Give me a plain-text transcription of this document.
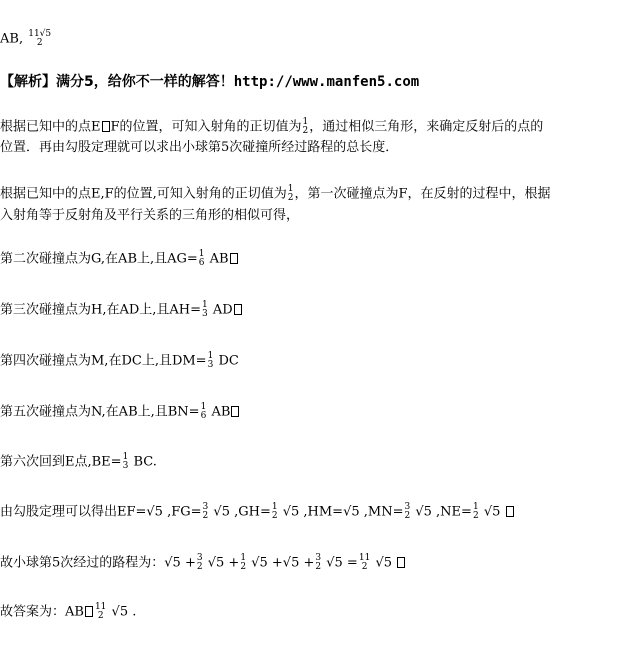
AB, 11√5
2
【解析】满分5，给你不一样的解答！http://www.manfen5.com
根据已知中的点E F的位置，可知入射角的正切值为 1
2 ，通过相似三角形，来确定反射后的点的
位置．再由勾股定理就可以求出小球第5次碰撞所经过路程的总长度．
根据已知中的点E,F的位置,可知入射角的正切值为 1
2 ，第一次碰撞点为F，在反射的过程中，根据
入射角等于反射角及平行关系的三角形的相似可得，
第二次碰撞点为G,在AB上,且AG= 1
6 AB
第三次碰撞点为H,在AD上,且AH= 1
3 AD
第四次碰撞点为M,在DC上,且DM= 1
3 DC
第五次碰撞点为N,在AB上,且BN= 1
6 AB
第六次回到E点,BE= 1
3 BC.
由勾股定理可以得出EF=√5 ,FG= 3
2 √5 ,GH= 1
2 √5 ,HM=√5 ,MN= 3
2 √5 ,NE= 1
2 √5
故小球第5次经过的路程为：√5 + 3
2 √5 + 1
2 √5 +√5 + 3
2 √5 = 11
2 √5
故答案为：AB 11
2 √5 .
